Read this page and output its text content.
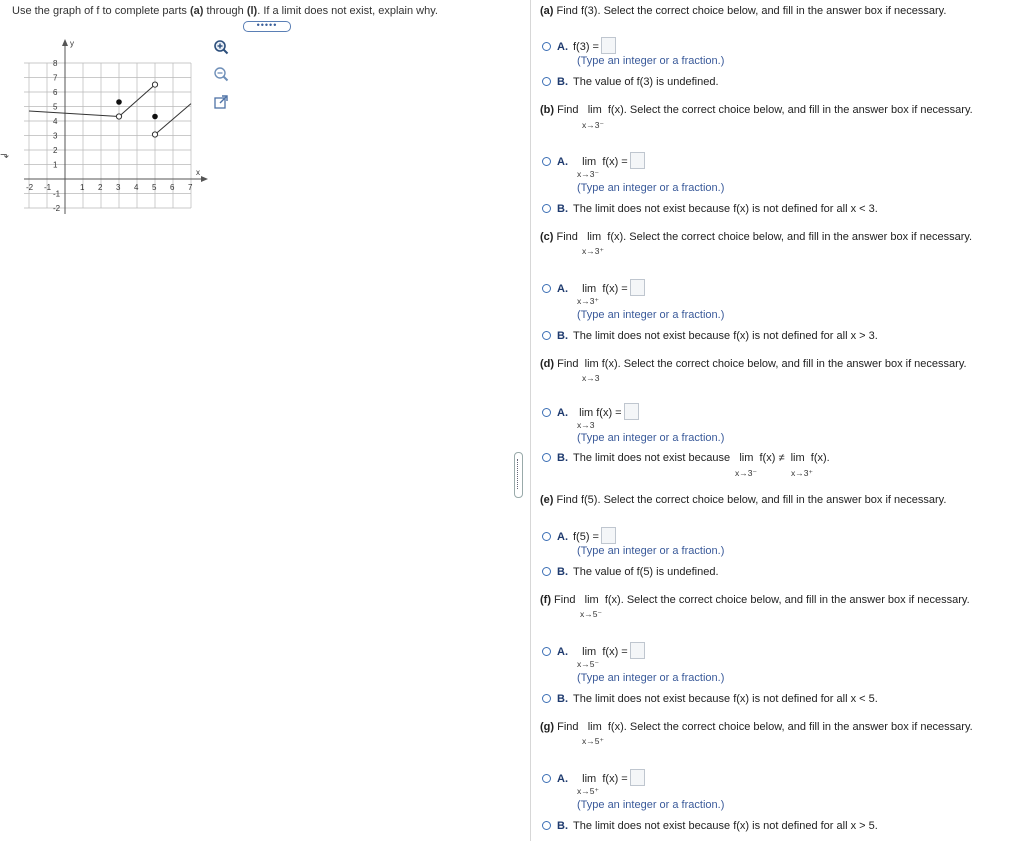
Use the graph of f to complete parts (a) through (l). If a limit does not exist, explain why.
•••••
y
x
-2 -1	1 2 3 4 5 6 7
8
7
6
5
4
3
2
1
-1
-2
⬎
(a) Find f(3). Select the correct choice below, and fill in the answer box if necessary.
A. f(3) =
(Type an integer or a fraction.)
B. The value of f(3) is undefined.
(b) Find lim f(x). Select the correct choice below, and fill in the answer box if necessary.
x→3⁻
A. lim f(x) =
x→3⁻
(Type an integer or a fraction.)
B. The limit does not exist because f(x) is not defined for all x < 3.
(c) Find lim f(x). Select the correct choice below, and fill in the answer box if necessary.
x→3⁺
A. lim f(x) =
x→3⁺
(Type an integer or a fraction.)
B. The limit does not exist because f(x) is not defined for all x > 3.
(d) Find lim f(x). Select the correct choice below, and fill in the answer box if necessary.
x→3
A. lim f(x) =
x→3
(Type an integer or a fraction.)
B. The limit does not exist because lim f(x) ≠ lim f(x).
x→3⁻	x→3⁺
(e) Find f(5). Select the correct choice below, and fill in the answer box if necessary.
A. f(5) =
(Type an integer or a fraction.)
B. The value of f(5) is undefined.
(f) Find lim f(x). Select the correct choice below, and fill in the answer box if necessary.
x→5⁻
A. lim f(x) =
x→5⁻
(Type an integer or a fraction.)
B. The limit does not exist because f(x) is not defined for all x < 5.
(g) Find lim f(x). Select the correct choice below, and fill in the answer box if necessary.
x→5⁺
A. lim f(x) =
x→5⁺
(Type an integer or a fraction.)
B. The limit does not exist because f(x) is not defined for all x > 5.
